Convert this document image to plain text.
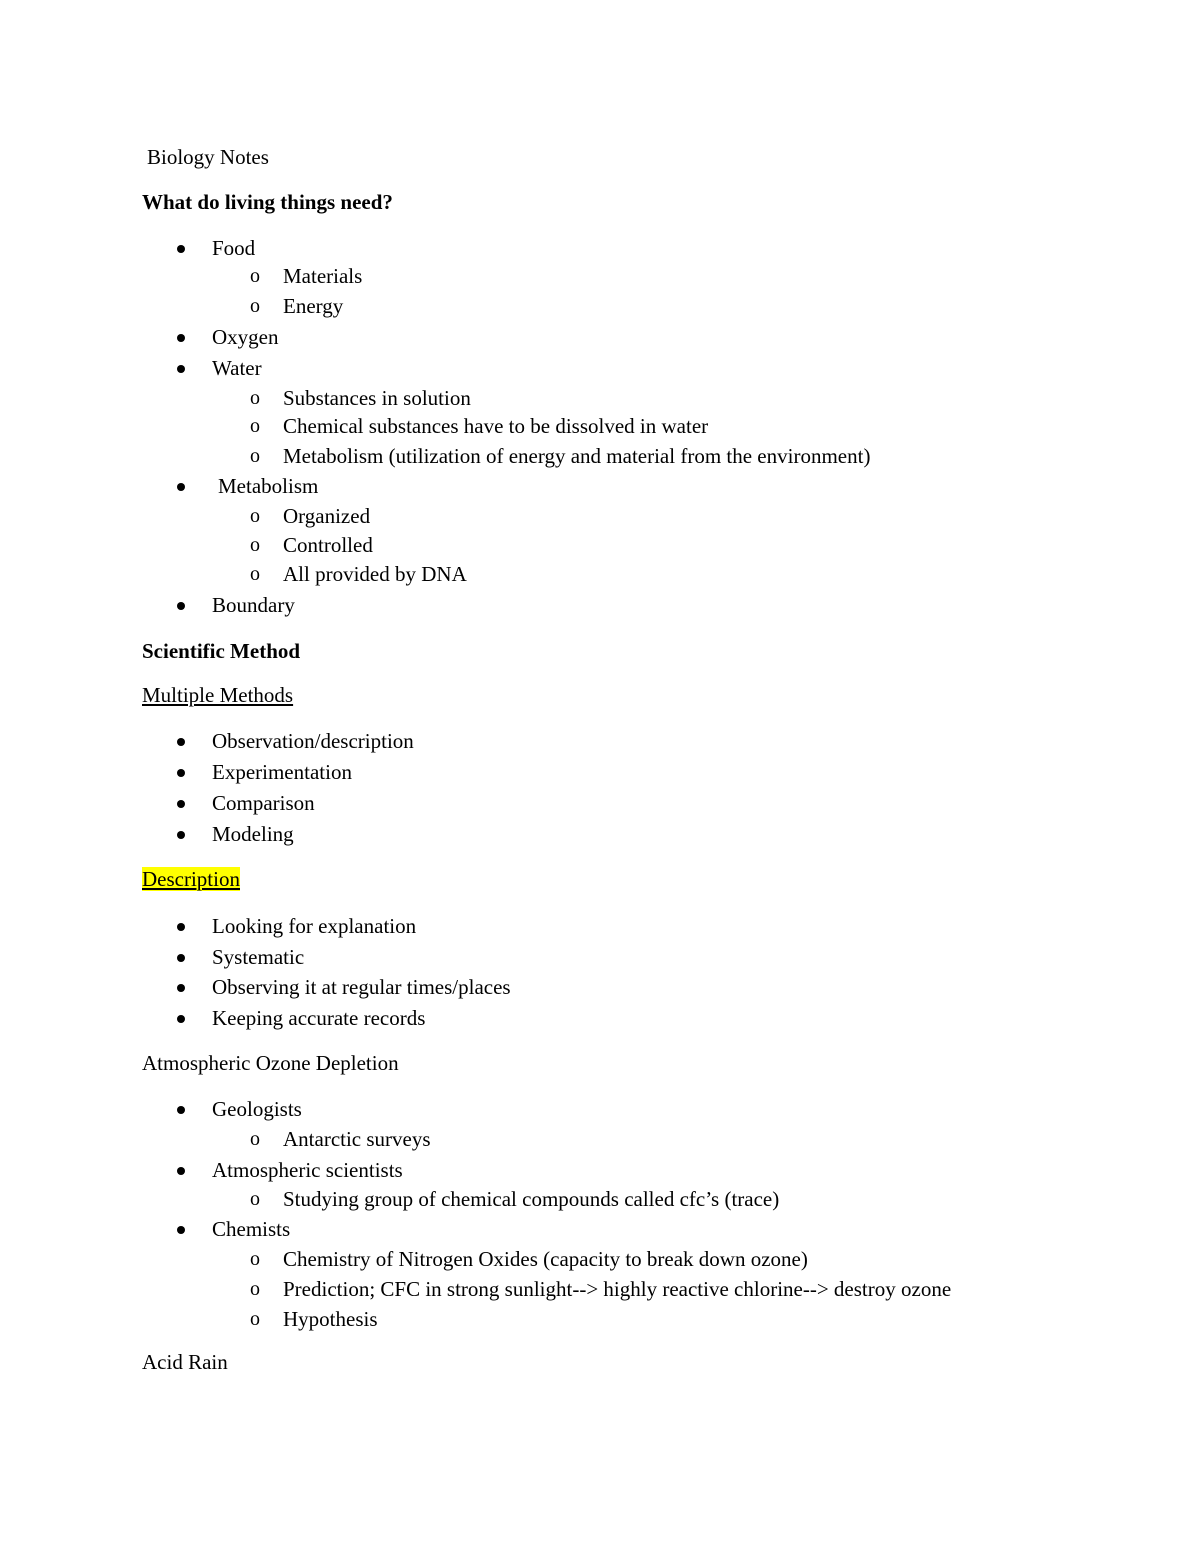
Biology Notes
What do living things need?
Food
o Materials
o Energy
Oxygen
Water
o Substances in solution
o Chemical substances have to be dissolved in water
o Metabolism (utilization of energy and material from the environment)
Metabolism
o Organized
o Controlled
o All provided by DNA
Boundary
Scientific Method
Multiple Methods
Observation/description
Experimentation
Comparison
Modeling
Description
Looking for explanation
Systematic
Observing it at regular times/places
Keeping accurate records
Atmospheric Ozone Depletion
Geologists
o Antarctic surveys
Atmospheric scientists
o Studying group of chemical compounds called cfc’s (trace)
Chemists
o Chemistry of Nitrogen Oxides (capacity to break down ozone)
o Prediction; CFC in strong sunlight--> highly reactive chlorine--> destroy ozone
o Hypothesis
Acid Rain
